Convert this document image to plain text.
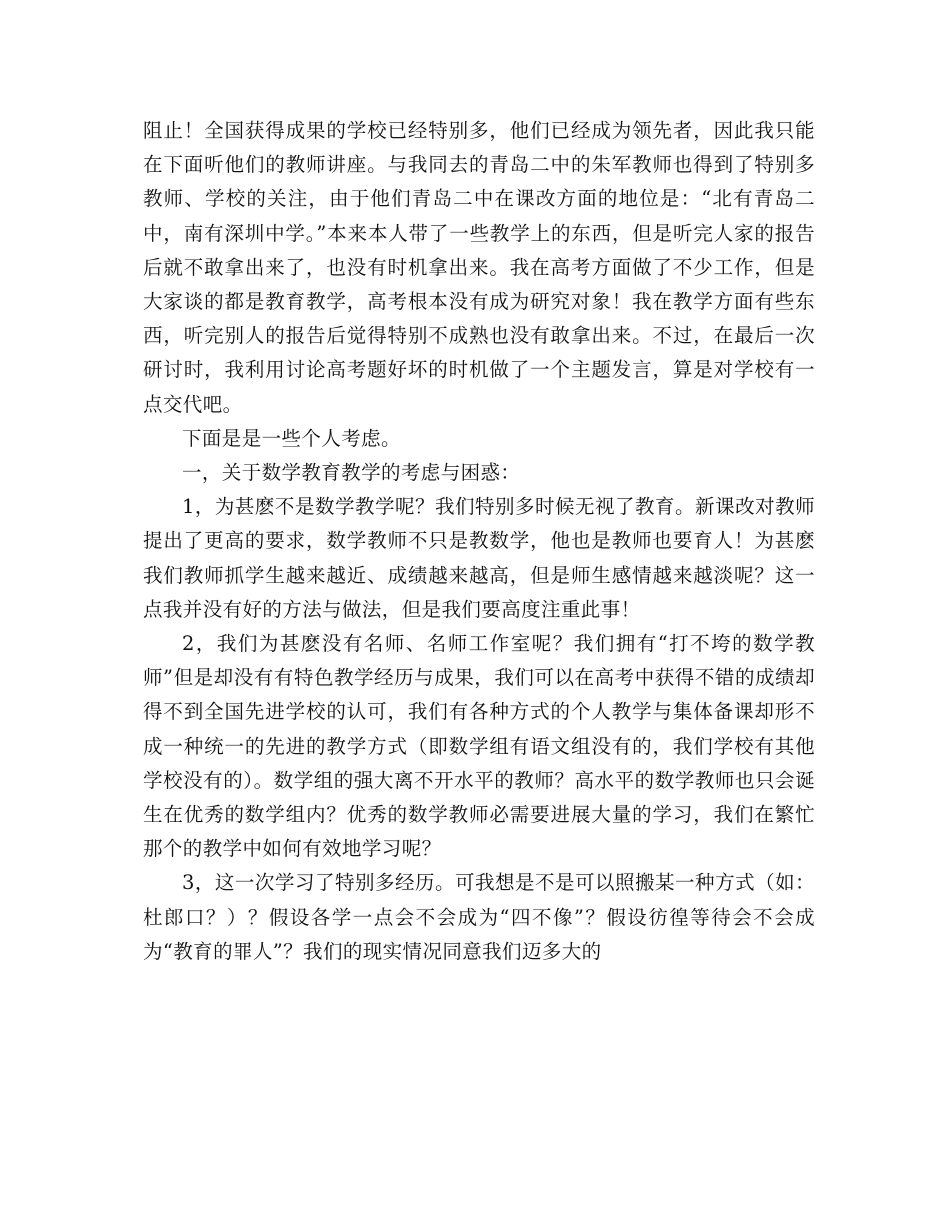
阻止！全国获得成果的学校已经特别多，他们已经成为领先者，因此我只能在下面听他们的教师讲座。与我同去的青岛二中的朱军教师也得到了特别多教师、学校的关注，由于他们青岛二中在课改方面的地位是：“北有青岛二中，南有深圳中学。”本来本人带了一些教学上的东西，但是听完人家的报告后就不敢拿出来了，也没有时机拿出来。我在高考方面做了不少工作，但是大家谈的都是教育教学，高考根本没有成为研究对象！我在教学方面有些东西，听完别人的报告后觉得特别不成熟也没有敢拿出来。不过，在最后一次研讨时，我利用讨论高考题好坏的时机做了一个主题发言，算是对学校有一点交代吧。

下面是是一些个人考虑。

一，关于数学教育教学的考虑与困惑：

1，为甚麽不是数学教学呢？我们特别多时候无视了教育。新课改对教师提出了更高的要求，数学教师不只是教数学，他也是教师也要育人！为甚麽我们教师抓学生越来越近、成绩越来越高，但是师生感情越来越淡呢？这一点我并没有好的方法与做法，但是我们要高度注重此事！

2，我们为甚麽没有名师、名师工作室呢？我们拥有“打不垮的数学教师”但是却没有有特色教学经历与成果，我们可以在高考中获得不错的成绩却得不到全国先进学校的认可，我们有各种方式的个人教学与集体备课却形不成一种统一的先进的教学方式（即数学组有语文组没有的，我们学校有其他学校没有的）。数学组的强大离不开水平的教师？高水平的数学教师也只会诞生在优秀的数学组内？优秀的数学教师必需要进展大量的学习，我们在繁忙那个的教学中如何有效地学习呢？

3，这一次学习了特别多经历。可我想是不是可以照搬某一种方式（如：杜郎口？）？假设各学一点会不会成为“四不像”？假设彷徨等待会不会成为“教育的罪人”？我们的现实情况同意我们迈多大的
